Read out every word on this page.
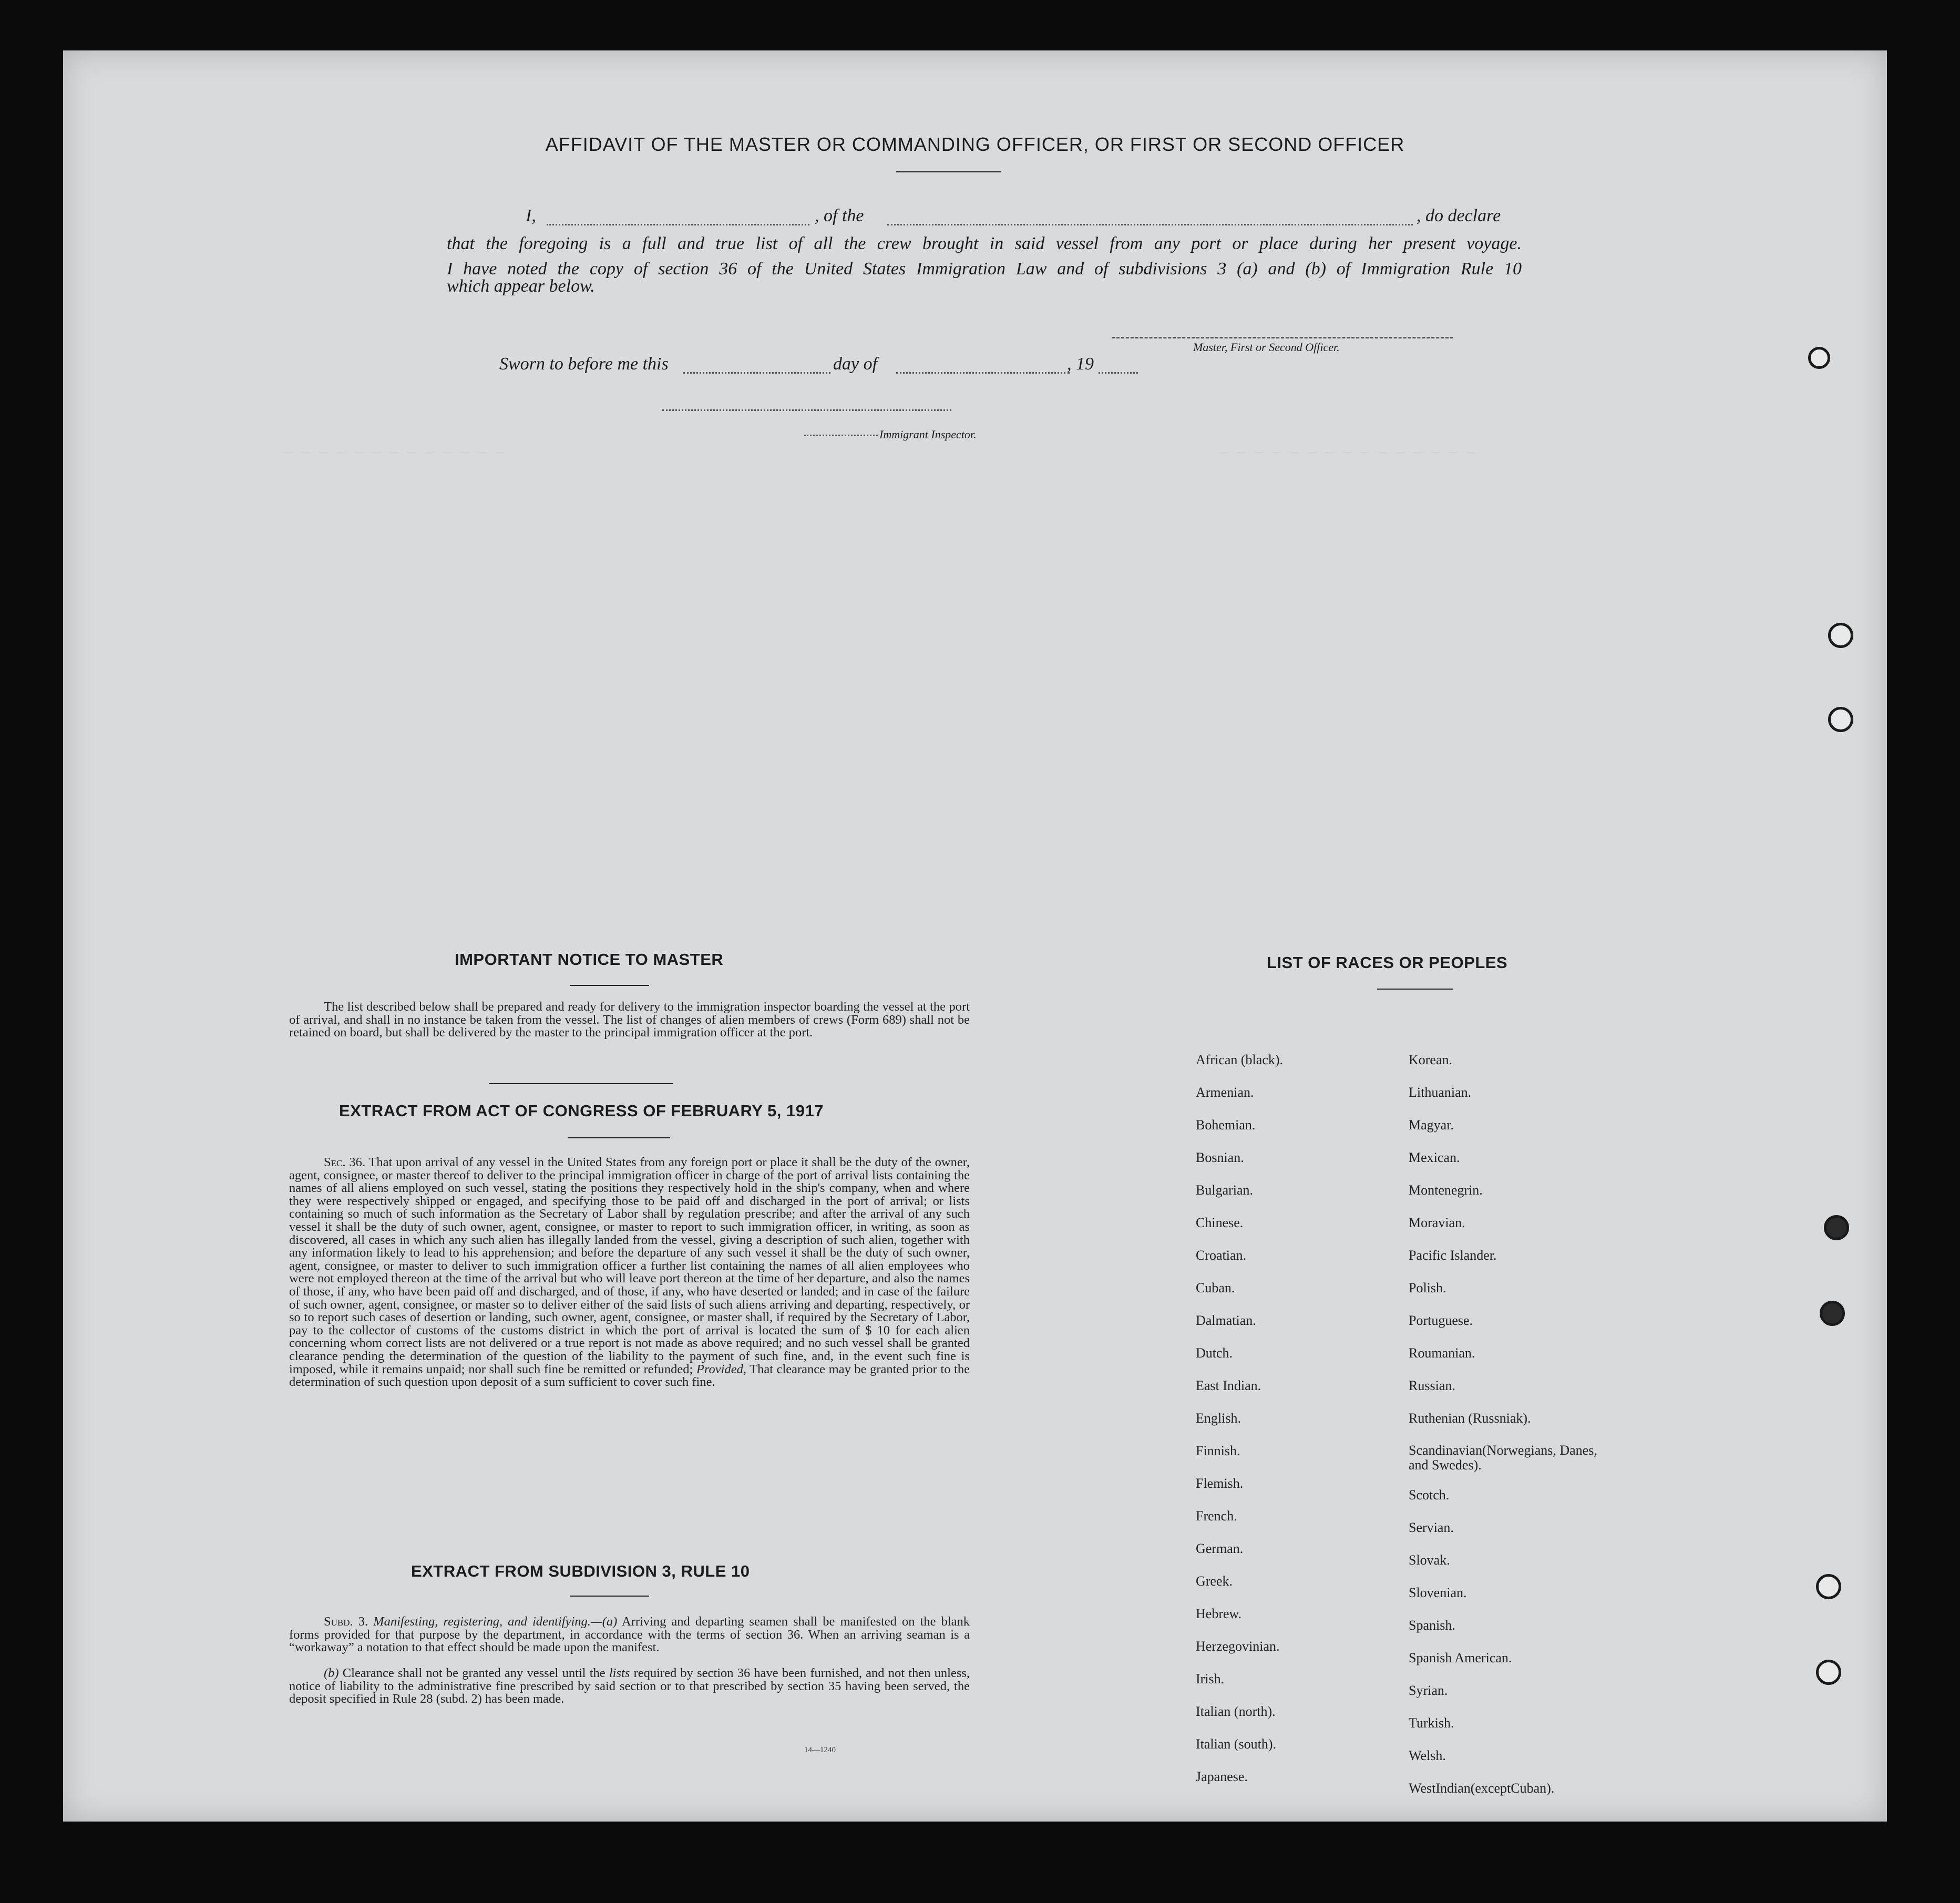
_ _ _ _ _ _ _ _ _ _ _ _ _ _ _
_ _ _ _ _ _ _ _ _ _ _ _ _
AFFIDAVIT OF THE MASTER OR COMMANDING OFFICER, OR FIRST OR SECOND OFFICER
I,	, of the	, do declare
that the foregoing is a full and true list of all the crew brought in said vessel from any port or place during her present voyage.
I have noted the copy of section 36 of the United States Immigration Law and of subdivisions 3 (a) and (b) of Immigration Rule 10
which appear below.
Master, First or Second Officer.
Sworn to before me this	day of	, 19
Immigrant Inspector.
IMPORTANT NOTICE TO MASTER
The list described below shall be prepared and ready for delivery to the immigration inspector boarding the vessel at the port of arrival, and shall in no instance be taken from the vessel. The list of changes of alien members of crews (Form 689) shall not be retained on board, but shall be delivered by the master to the principal immigration officer at the port.
EXTRACT FROM ACT OF CONGRESS OF FEBRUARY 5, 1917
Sec. 36. That upon arrival of any vessel in the United States from any foreign port or place it shall be the duty of the owner, agent, consignee, or master thereof to deliver to the principal immigration officer in charge of the port of arrival lists containing the names of all aliens employed on such vessel, stating the positions they respectively hold in the ship's company, when and where they were respectively shipped or engaged, and specifying those to be paid off and discharged in the port of arrival; or lists containing so much of such information as the Secretary of Labor shall by regulation prescribe; and after the arrival of any such vessel it shall be the duty of such owner, agent, consignee, or master to report to such immigration officer, in writing, as soon as discovered, all cases in which any such alien has illegally landed from the vessel, giving a description of such alien, together with any information likely to lead to his apprehension; and before the departure of any such vessel it shall be the duty of such owner, agent, consignee, or master to deliver to such immigration officer a further list containing the names of all alien employees who were not employed thereon at the time of the arrival but who will leave port thereon at the time of her departure, and also the names of those, if any, who have been paid off and discharged, and of those, if any, who have deserted or landed; and in case of the failure of such owner, agent, consignee, or master so to deliver either of the said lists of such aliens arriving and departing, respectively, or so to report such cases of desertion or landing, such owner, agent, consignee, or master shall, if required by the Secretary of Labor, pay to the collector of customs of the customs district in which the port of arrival is located the sum of $ 10 for each alien concerning whom correct lists are not delivered or a true report is not made as above required; and no such vessel shall be granted clearance pending the determination of the question of the liability to the payment of such fine, and, in the event such fine is imposed, while it remains unpaid; nor shall such fine be remitted or refunded; Provided, That clearance may be granted prior to the determination of such question upon deposit of a sum sufficient to cover such fine.
EXTRACT FROM SUBDIVISION 3, RULE 10
Subd. 3. Manifesting, registering, and identifying.—(a) Arriving and departing seamen shall be manifested on the blank forms provided for that purpose by the department, in accordance with the terms of section 36. When an arriving seaman is a “workaway” a notation to that effect should be made upon the manifest.
(b) Clearance shall not be granted any vessel until the lists required by section 36 have been furnished, and not then unless, notice of liability to the administrative fine prescribed by said section or to that prescribed by section 35 having been served, the deposit specified in Rule 28 (subd. 2) has been made.
14—1240
LIST OF RACES OR PEOPLES
African (black).
Armenian.
Bohemian.
Bosnian.
Bulgarian.
Chinese.
Croatian.
Cuban.
Dalmatian.
Dutch.
East Indian.
English.
Finnish.
Flemish.
French.
German.
Greek.
Hebrew.
Herzegovinian.
Irish.
Italian (north).
Italian (south).
Japanese.
Korean.
Lithuanian.
Magyar.
Mexican.
Montenegrin.
Moravian.
Pacific Islander.
Polish.
Portuguese.
Roumanian.
Russian.
Ruthenian (Russniak).
Scandinavian(Norwegians, Danes, and Swedes).
Scotch.
Servian.
Slovak.
Slovenian.
Spanish.
Spanish American.
Syrian.
Turkish.
Welsh.
WestIndian(exceptCuban).
